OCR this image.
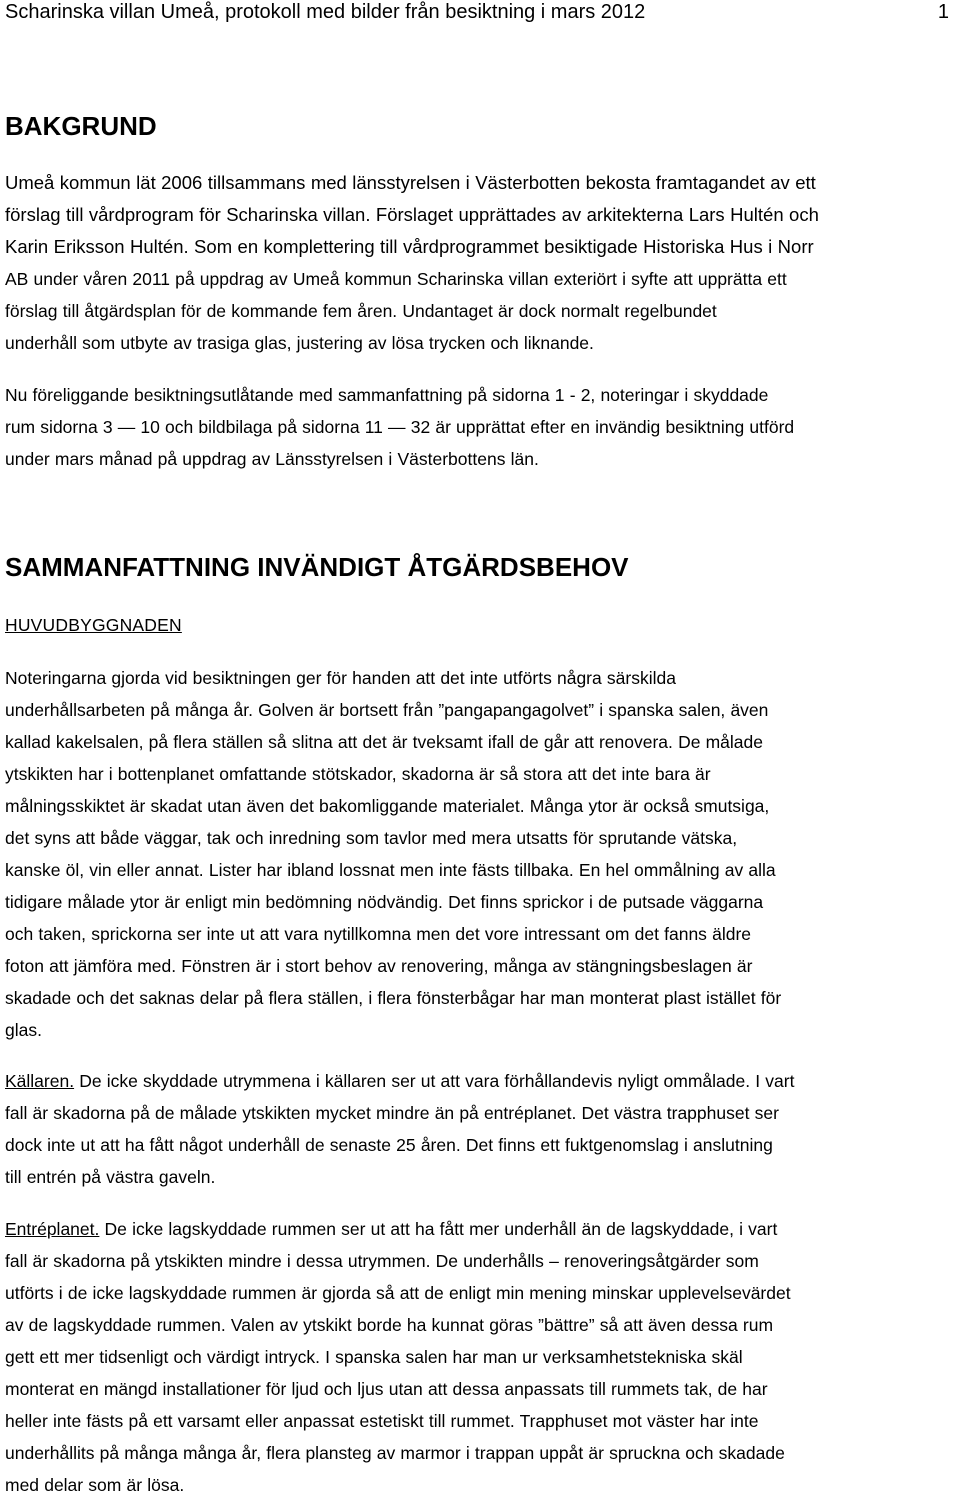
Scharinska villan Umeå, protokoll med bilder från besiktning i mars 2012	1
BAKGRUND
Umeå kommun lät 2006 tillsammans med länsstyrelsen i Västerbotten bekosta framtagandet av ett
förslag till vårdprogram för Scharinska villan. Förslaget upprättades av arkitekterna Lars Hultén och
Karin Eriksson Hultén. Som en komplettering till vårdprogrammet besiktigade Historiska Hus i Norr
AB under våren 2011 på uppdrag av Umeå kommun Scharinska villan exteriört i syfte att upprätta ett
förslag till åtgärdsplan för de kommande fem åren. Undantaget är dock normalt regelbundet
underhåll som utbyte av trasiga glas, justering av lösa trycken och liknande.
Nu föreliggande besiktningsutlåtande med sammanfattning på sidorna 1 - 2, noteringar i skyddade
rum sidorna 3 — 10 och bildbilaga på sidorna 11 — 32 är upprättat efter en invändig besiktning utförd
under mars månad på uppdrag av Länsstyrelsen i Västerbottens län.
SAMMANFATTNING INVÄNDIGT ÅTGÄRDSBEHOV
HUVUDBYGGNADEN
Noteringarna gjorda vid besiktningen ger för handen att det inte utförts några särskilda
underhållsarbeten på många år. Golven är bortsett från ”pangapangagolvet” i spanska salen, även
kallad kakelsalen, på flera ställen så slitna att det är tveksamt ifall de går att renovera. De målade
ytskikten har i bottenplanet omfattande stötskador, skadorna är så stora att det inte bara är
målningsskiktet är skadat utan även det bakomliggande materialet. Många ytor är också smutsiga,
det syns att både väggar, tak och inredning som tavlor med mera utsatts för sprutande vätska,
kanske öl, vin eller annat. Lister har ibland lossnat men inte fästs tillbaka. En hel ommålning av alla
tidigare målade ytor är enligt min bedömning nödvändig. Det finns sprickor i de putsade väggarna
och taken, sprickorna ser inte ut att vara nytillkomna men det vore intressant om det fanns äldre
foton att jämföra med. Fönstren är i stort behov av renovering, många av stängningsbeslagen är
skadade och det saknas delar på flera ställen, i flera fönsterbågar har man monterat plast istället för
glas.
Källaren. De icke skyddade utrymmena i källaren ser ut att vara förhållandevis nyligt ommålade. I vart
fall är skadorna på de målade ytskikten mycket mindre än på entréplanet. Det västra trapphuset ser
dock inte ut att ha fått något underhåll de senaste 25 åren. Det finns ett fuktgenomslag i anslutning
till entrén på västra gaveln.
Entréplanet. De icke lagskyddade rummen ser ut att ha fått mer underhåll än de lagskyddade, i vart
fall är skadorna på ytskikten mindre i dessa utrymmen. De underhålls – renoveringsåtgärder som
utförts i de icke lagskyddade rummen är gjorda så att de enligt min mening minskar upplevelsevärdet
av de lagskyddade rummen. Valen av ytskikt borde ha kunnat göras ”bättre” så att även dessa rum
gett ett mer tidsenligt och värdigt intryck. I spanska salen har man ur verksamhetstekniska skäl
monterat en mängd installationer för ljud och ljus utan att dessa anpassats till rummets tak, de har
heller inte fästs på ett varsamt eller anpassat estetiskt till rummet. Trapphuset mot väster har inte
underhållits på många många år, flera plansteg av marmor i trappan uppåt är spruckna och skadade
med delar som är lösa.
